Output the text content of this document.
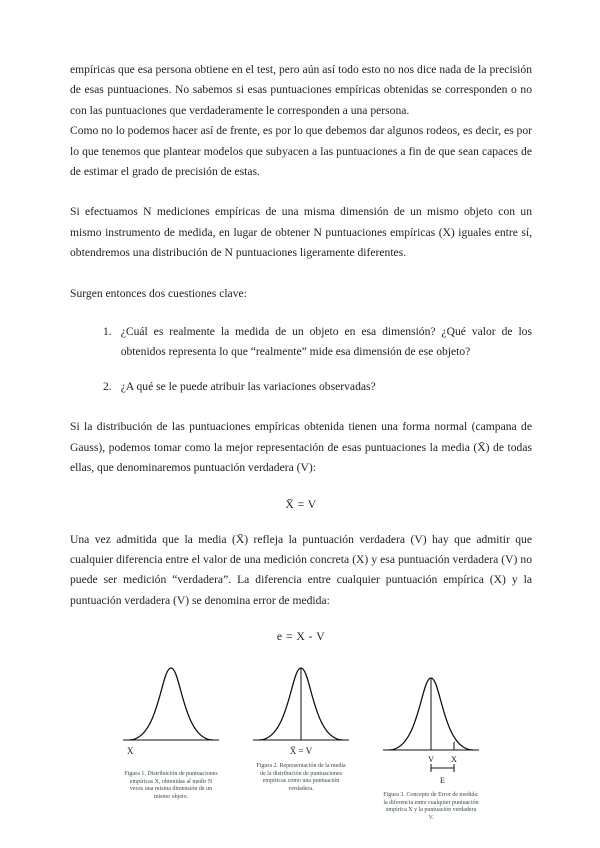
empíricas que esa persona obtiene en el test, pero aún así todo esto no nos dice nada de la precisión de esas puntuaciones. No sabemos si esas puntuaciones empíricas obtenidas se corresponden o no con las puntuaciones que verdaderamente le corresponden a una persona.

Como no lo podemos hacer así de frente, es por lo que debemos dar algunos rodeos, es decir, es por lo que tenemos que plantear modelos que subyacen a las puntuaciones a fin de que sean capaces de de estimar el grado de precisión de estas.

Si efectuamos N mediciones empíricas de una misma dimensión de un mismo objeto con un mismo instrumento de medida, en lugar de obtener N puntuaciones empíricas (X) iguales entre sí, obtendremos una distribución de N puntuaciones ligeramente diferentes.

Surgen entonces dos cuestiones clave:

1. ¿Cuál es realmente la medida de un objeto en esa dimensión? ¿Qué valor de los obtenidos representa lo que “realmente” mide esa dimensión de ese objeto?
2. ¿A qué se le puede atribuir las variaciones observadas?

Si la distribución de las puntuaciones empíricas obtenida tienen una forma normal (campana de Gauss), podemos tomar como la mejor representación de esas puntuaciones la media (X̄) de todas ellas, que denominaremos puntuación verdadera (V):

X̄ = V

Una vez admitida que la media (X̄) refleja la puntuación verdadera (V) hay que admitir que cualquier diferencia entre el valor de una medición concreta (X) y esa puntuación verdadera (V) no puede ser medición “verdadera”. La diferencia entre cualquier puntuación empírica (X) y la puntuación verdadera (V) se denomina error de medida:

e = X - V
X
Figura 1. Distribución de puntuaciones empíricas X, obtenidas al medir N veces una misma dimensión de un mismo objeto.
X̄ = V
Figura 2. Representación de la media de la distribución de puntuaciones empíricas como una puntuación verdadera.
V X
E
Figura 3. Concepto de Error de medida: la diferencia entre cualquier puntuación empírica X y la puntuación verdadera V.
